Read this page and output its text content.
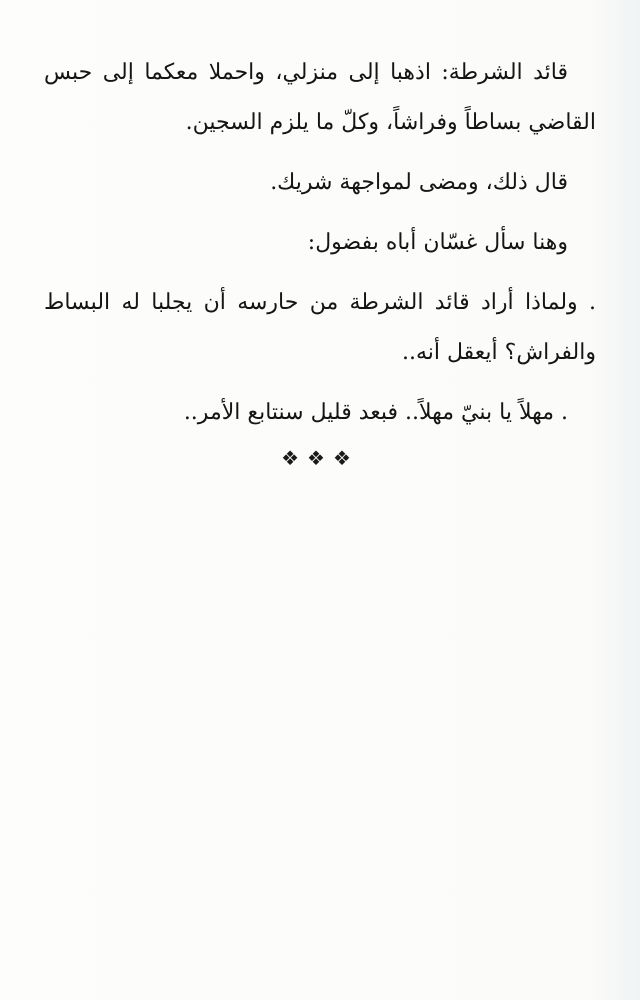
قائد الشرطة: اذهبا إلى منزلي، واحملا معكما إلى حبس القاضي بساطاً وفراشاً، وكلّ ما يلزم السجين.

قال ذلك، ومضى لمواجهة شريك.

وهنا سأل غسّان أباه بفضول:

. ولماذا أراد قائد الشرطة من حارسه أن يجلبا له البساط والفراش؟ أيعقل أنه..

. مهلاً يا بنيّ مهلاً.. فبعد قليل سنتابع الأمر..

❖❖❖
